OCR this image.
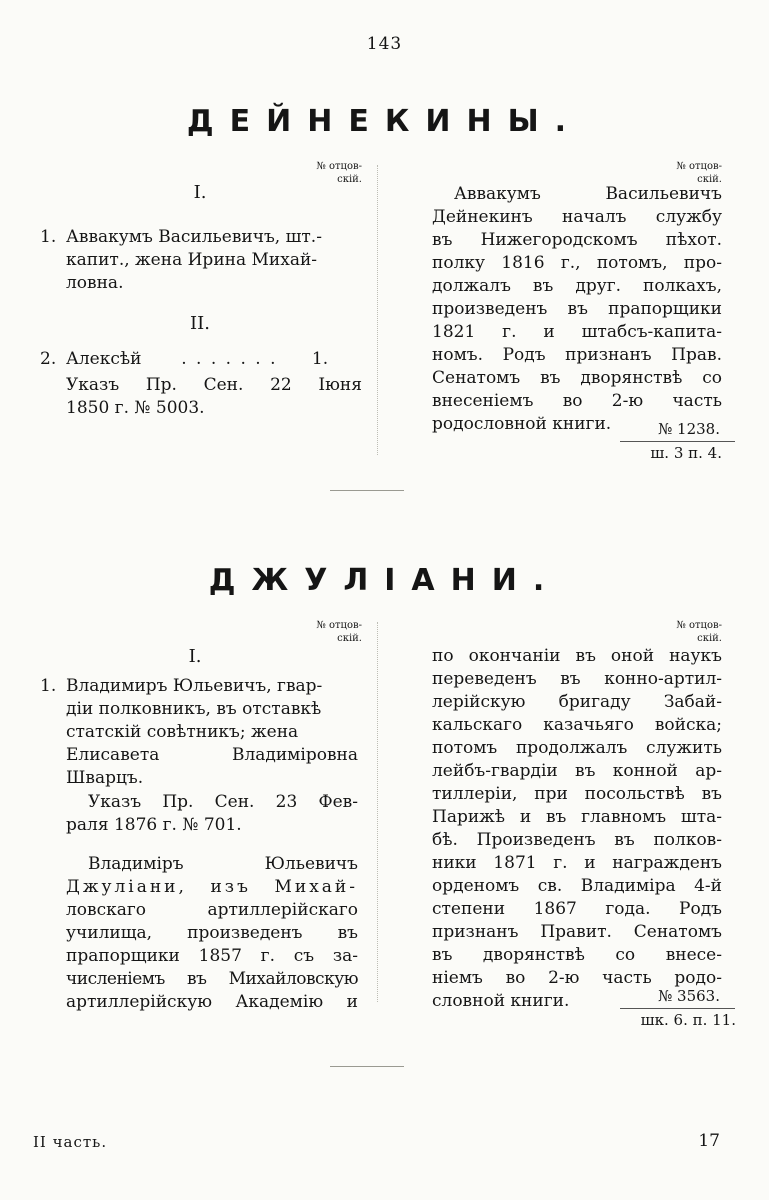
143
ДЕЙНЕКИНЫ.
№ отцов-
скій.
№ отцов-
скій.
I.
1. Аввакумъ Васильевичъ, шт.-
капит., жена Ирина Михай-
ловна.
II.
2. Алексѣй . . . . . . . 1.
Указъ Пр. Сен. 22 Іюня
1850 г. № 5003.
Аввакумъ Васильевичъ
Дейнекинъ началъ службу
въ Нижегородскомъ пѣхот.
полку 1816 г., потомъ, про-
должалъ въ друг. полкахъ,
произведенъ въ прапорщики
1821 г. и штабсъ-капита-
номъ. Родъ признанъ Прав.
Сенатомъ въ дворянствѣ со
внесеніемъ во 2-ю часть
родословной книги.	№ 1238.
ш. 3 п. 4.
ДЖУЛІАНИ.
№ отцов-
скій.
№ отцов-
скій.
I.
1. Владимиръ Юльевичъ, гвар-
діи полковникъ, въ отставкѣ
статскій совѣтникъ; жена
Елисавета Владиміровна
Шварцъ.
Указъ Пр. Сен. 23 Фев-
раля 1876 г. № 701.
Владиміръ Юльевичъ
Джуліани, изъ Михай-
ловскаго артиллерійскаго
училища, произведенъ въ
прапорщики 1857 г. съ за-
численіемъ въ Михайловскую
артиллерійскую Академію и
по окончаніи въ оной наукъ
переведенъ въ конно-артил-
лерійскую бригаду Забай-
кальскаго казачьяго войска;
потомъ продолжалъ служить
лейбъ-гвардіи въ конной ар-
тиллеріи, при посольствѣ въ
Парижѣ и въ главномъ шта-
бѣ. Произведенъ въ полков-
ники 1871 г. и награжденъ
орденомъ св. Владиміра 4-й
степени 1867 года. Родъ
признанъ Правит. Сенатомъ
въ дворянствѣ со внесе-
ніемъ во 2-ю часть родо-
словной книги.	№ 3563.
шк. 6. п. 11.
II часть.	17
